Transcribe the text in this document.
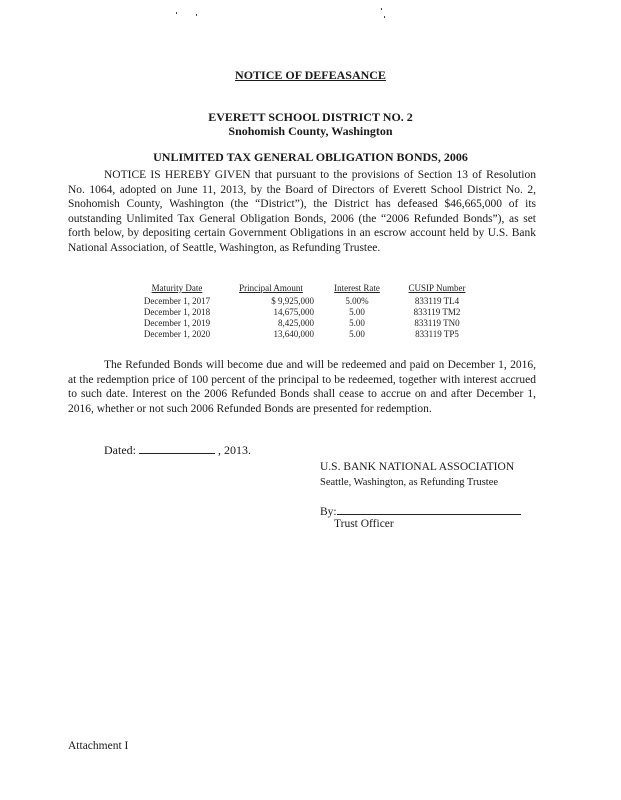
NOTICE OF DEFEASANCE
EVERETT SCHOOL DISTRICT NO. 2
Snohomish County, Washington
UNLIMITED TAX GENERAL OBLIGATION BONDS, 2006
NOTICE IS HEREBY GIVEN that pursuant to the provisions of Section 13 of Resolution No. 1064, adopted on June 11, 2013, by the Board of Directors of Everett School District No. 2, Snohomish County, Washington (the “District”), the District has defeased $46,665,000 of its outstanding Unlimited Tax General Obligation Bonds, 2006 (the “2006 Refunded Bonds”), as set forth below, by depositing certain Government Obligations in an escrow account held by U.S. Bank National Association, of Seattle, Washington, as Refunding Trustee.
Maturity Date	Principal Amount	Interest Rate	CUSIP Number
December 1, 2017	$ 9,925,000	5.00%	833119 TL4
December 1, 2018	14,675,000	5.00	833119 TM2
December 1, 2019	8,425,000	5.00	833119 TN0
December 1, 2020	13,640,000	5.00	833119 TP5
The Refunded Bonds will become due and will be redeemed and paid on December 1, 2016, at the redemption price of 100 percent of the principal to be redeemed, together with interest accrued to such date. Interest on the 2006 Refunded Bonds shall cease to accrue on and after December 1, 2016, whether or not such 2006 Refunded Bonds are presented for redemption.
Dated:	, 2013.
U.S. BANK NATIONAL ASSOCIATION
Seattle, Washington, as Refunding Trustee
By:
Trust Officer
Attachment I
